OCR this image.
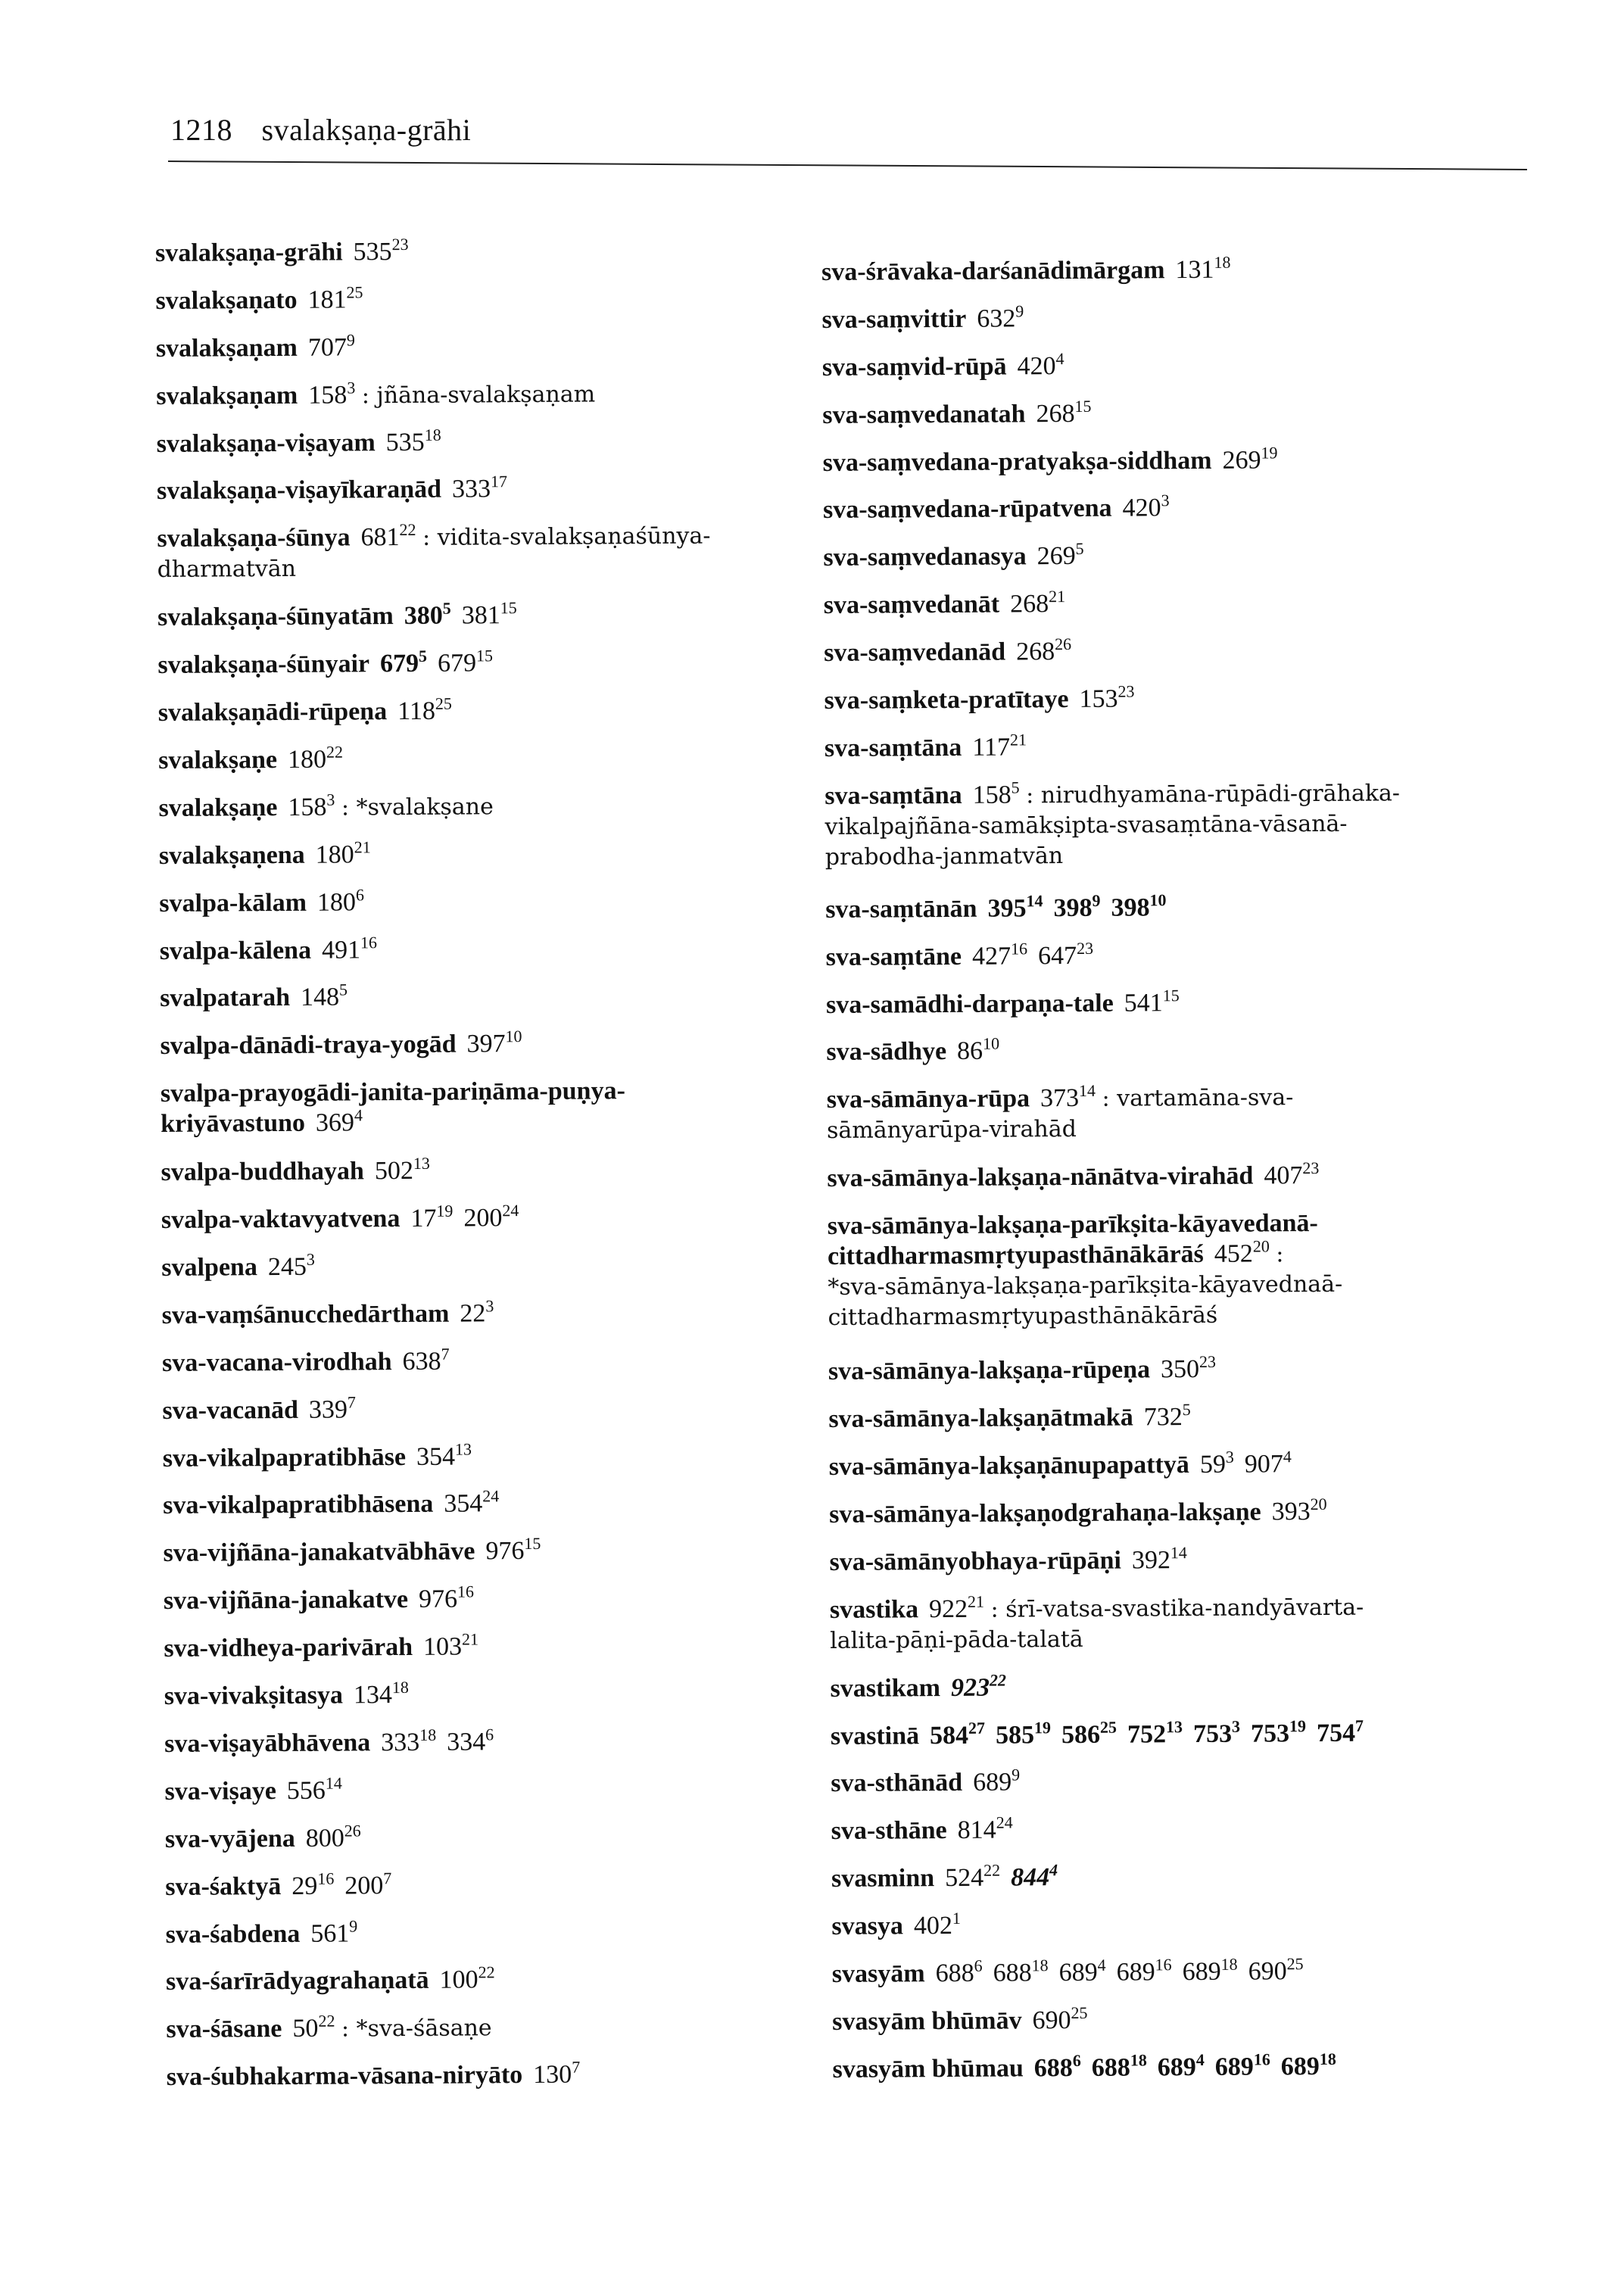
1218 svalakṣaṇa-grāhi
svalakṣaṇa-grāhi $535^{23}$
svalakṣaṇato $181^{25}$
svalakṣaṇam $707^9$
svalakṣaṇam $158^3$ : jñāna-svalakṣaṇam
svalakṣaṇa-viṣayam $535^{18}$
svalakṣaṇa-viṣayīkaraṇād $333^{17}$
svalakṣaṇa-śūnya $681^{22}$ : vidita-svalakṣaṇaśūnya-
dharmatvān
svalakṣaṇa-śūnyatām $380^5$ $381^{15}$
svalakṣaṇa-śūnyair $679^5$ $679^{15}$
svalakṣaṇādi-rūpeṇa $118^{25}$
svalakṣaṇe $180^{22}$
svalakṣaṇe $158^3$ : *svalakṣane
svalakṣaṇena $180^{21}$
svalpa-kālam $180^6$
svalpa-kālena $491^{16}$
svalpatarah $148^5$
svalpa-dānādi-traya-yogād $397^{10}$
svalpa-prayogādi-janita-pariṇāma-puṇya-
kriyāvastuno $369^4$
svalpa-buddhayah $502^{13}$
svalpa-vaktavyatvena $17^{19}$ $200^{24}$
svalpena $245^3$
sva-vaṃśānucchedārtham $22^3$
sva-vacana-virodhah $638^7$
sva-vacanād $339^7$
sva-vikalpapratibhāse $354^{13}$
sva-vikalpapratibhāsena $354^{24}$
sva-vijñāna-janakatvābhāve $976^{15}$
sva-vijñāna-janakatve $976^{16}$
sva-vidheya-parivārah $103^{21}$
sva-vivakṣitasya $134^{18}$
sva-viṣayābhāvena $333^{18}$ $334^6$
sva-viṣaye $556^{14}$
sva-vyājena $800^{26}$
sva-śaktyā $29^{16}$ $200^7$
sva-śabdena $561^9$
sva-śarīrādyagrahaṇatā $100^{22}$
sva-śāsane $50^{22}$ : *sva-śāsaṇe
sva-śubhakarma-vāsana-niryāto $130^7$
sva-śrāvaka-darśanādimārgam $131^{18}$
sva-saṃvittir $632^9$
sva-saṃvid-rūpā $420^4$
sva-saṃvedanatah $268^{15}$
sva-saṃvedana-pratyakṣa-siddham $269^{19}$
sva-saṃvedana-rūpatvena $420^3$
sva-saṃvedanasya $269^5$
sva-saṃvedanāt $268^{21}$
sva-saṃvedanād $268^{26}$
sva-saṃketa-pratītaye $153^{23}$
sva-saṃtāna $117^{21}$
sva-saṃtāna $158^5$ : nirudhyamāna-rūpādi-grāhaka-
vikalpajñāna-samākṣipta-svasaṃtāna-vāsanā-
prabodha-janmatvān
sva-saṃtānān $395^{14}$ $398^9$ $398^{10}$
sva-saṃtāne $427^{16}$ $647^{23}$
sva-samādhi-darpaṇa-tale $541^{15}$
sva-sādhye $86^{10}$
sva-sāmānya-rūpa $373^{14}$ : vartamāna-sva-
sāmānyarūpa-virahād
sva-sāmānya-lakṣaṇa-nānātva-virahād $407^{23}$
sva-sāmānya-lakṣaṇa-parīkṣita-kāyavedanā-
cittadharmasmṛtyupasthānākārāś $452^{20}$ :
*sva-sāmānya-lakṣaṇa-parīkṣita-kāyavednaā-
cittadharmasmṛtyupasthānākārāś
sva-sāmānya-lakṣaṇa-rūpeṇa $350^{23}$
sva-sāmānya-lakṣaṇātmakā $732^5$
sva-sāmānya-lakṣaṇānupapattyā $59^3$ $907^4$
sva-sāmānya-lakṣaṇodgrahaṇa-lakṣaṇe $393^{20}$
sva-sāmānyobhaya-rūpāṇi $392^{14}$
svastika $922^{21}$ : śrī-vatsa-svastika-nandyāvarta-
lalita-pāṇi-pāda-talatā
svastikam $923^{22}$
svastinā $584^{27}$ $585^{19}$ $586^{25}$ $752^{13}$ $753^3$ $753^{19}$ $754^7$
sva-sthānād $689^9$
sva-sthāne $814^{24}$
svasminn $524^{22}$ $844^4$
svasya $402^1$
svasyām $688^6$ $688^{18}$ $689^4$ $689^{16}$ $689^{18}$ $690^{25}$
svasyām bhūmāv $690^{25}$
svasyām bhūmau $688^6$ $688^{18}$ $689^4$ $689^{16}$ $689^{18}$
